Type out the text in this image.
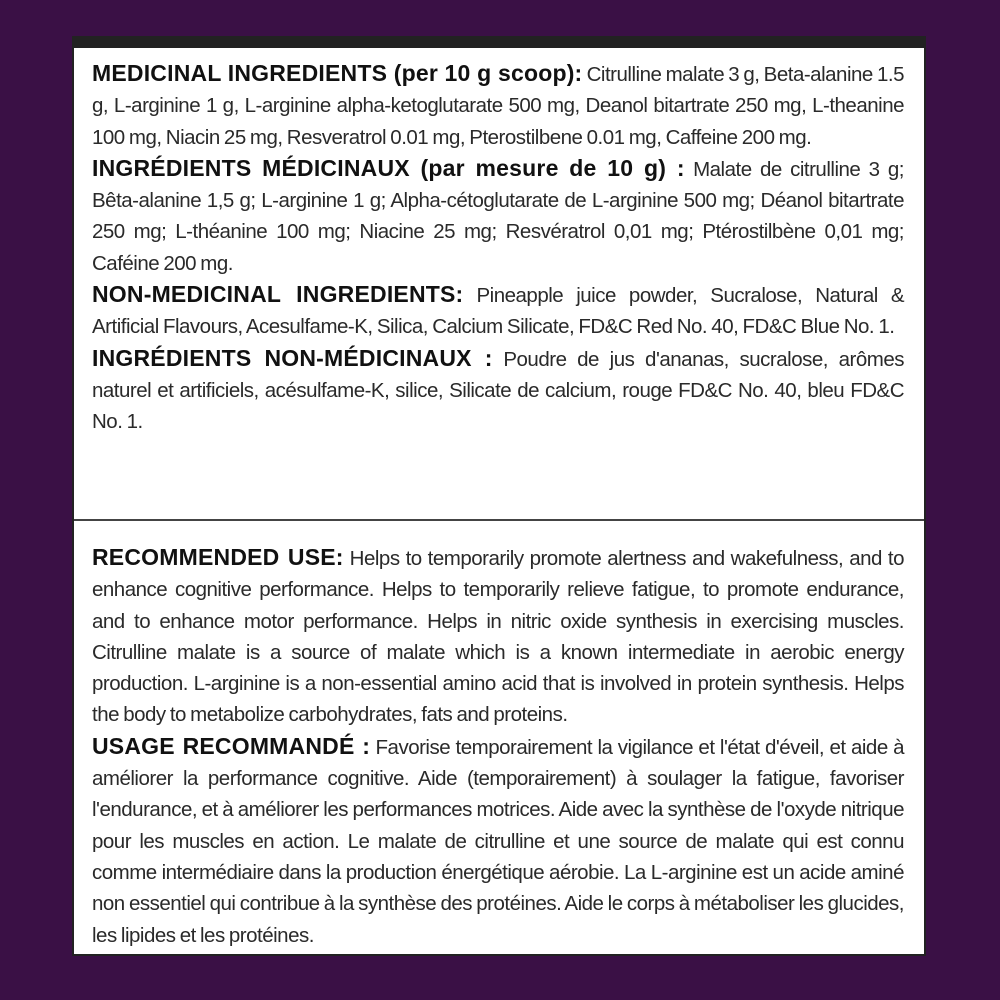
MEDICINAL INGREDIENTS (per 10 g scoop): Citrulline malate 3 g, Beta-alanine 1.5 g, L-arginine 1 g, L-arginine alpha-ketoglutarate 500 mg, Deanol bitartrate 250 mg, L-theanine 100 mg, Niacin 25 mg, Resveratrol 0.01 mg, Pterostilbene 0.01 mg, Caffeine 200 mg.

INGRÉDIENTS MÉDICINAUX (par mesure de 10 g) : Malate de citrulline 3 g; Bêta-alanine 1,5 g; L-arginine 1 g; Alpha-cétoglutarate de L-arginine 500 mg; Déanol bitartrate 250 mg; L-théanine 100 mg; Niacine 25 mg; Resvératrol 0,01 mg; Ptérostilbène 0,01 mg; Caféine 200 mg.

NON-MEDICINAL INGREDIENTS: Pineapple juice powder, Sucralose, Natural & Artificial Flavours, Acesulfame-K, Silica, Calcium Silicate, FD&C Red No. 40, FD&C Blue No. 1.

INGRÉDIENTS NON-MÉDICINAUX : Poudre de jus d'ananas, sucralose, arômes naturel et artificiels, acésulfame-K, silice, Silicate de calcium, rouge FD&C No. 40, bleu FD&C No. 1.

RECOMMENDED USE: Helps to temporarily promote alertness and wakefulness, and to enhance cognitive performance. Helps to temporarily relieve fatigue, to promote endurance, and to enhance motor performance. Helps in nitric oxide synthesis in exercising muscles. Citrulline malate is a source of malate which is a known intermediate in aerobic energy production. L-arginine is a non-essential amino acid that is involved in protein synthesis. Helps the body to metabolize carbohydrates, fats and proteins.

USAGE RECOMMANDÉ : Favorise temporairement la vigilance et l'état d'éveil, et aide à améliorer la performance cognitive. Aide (temporairement) à soulager la fatigue, favoriser l'endurance, et à améliorer les performances motrices. Aide avec la synthèse de l'oxyde nitrique pour les muscles en action. Le malate de citrulline et une source de malate qui est connu comme intermédiaire dans la production énergétique aérobie. La L-arginine est un acide aminé non essentiel qui contribue à la synthèse des protéines. Aide le corps à métaboliser les glucides, les lipides et les protéines.
